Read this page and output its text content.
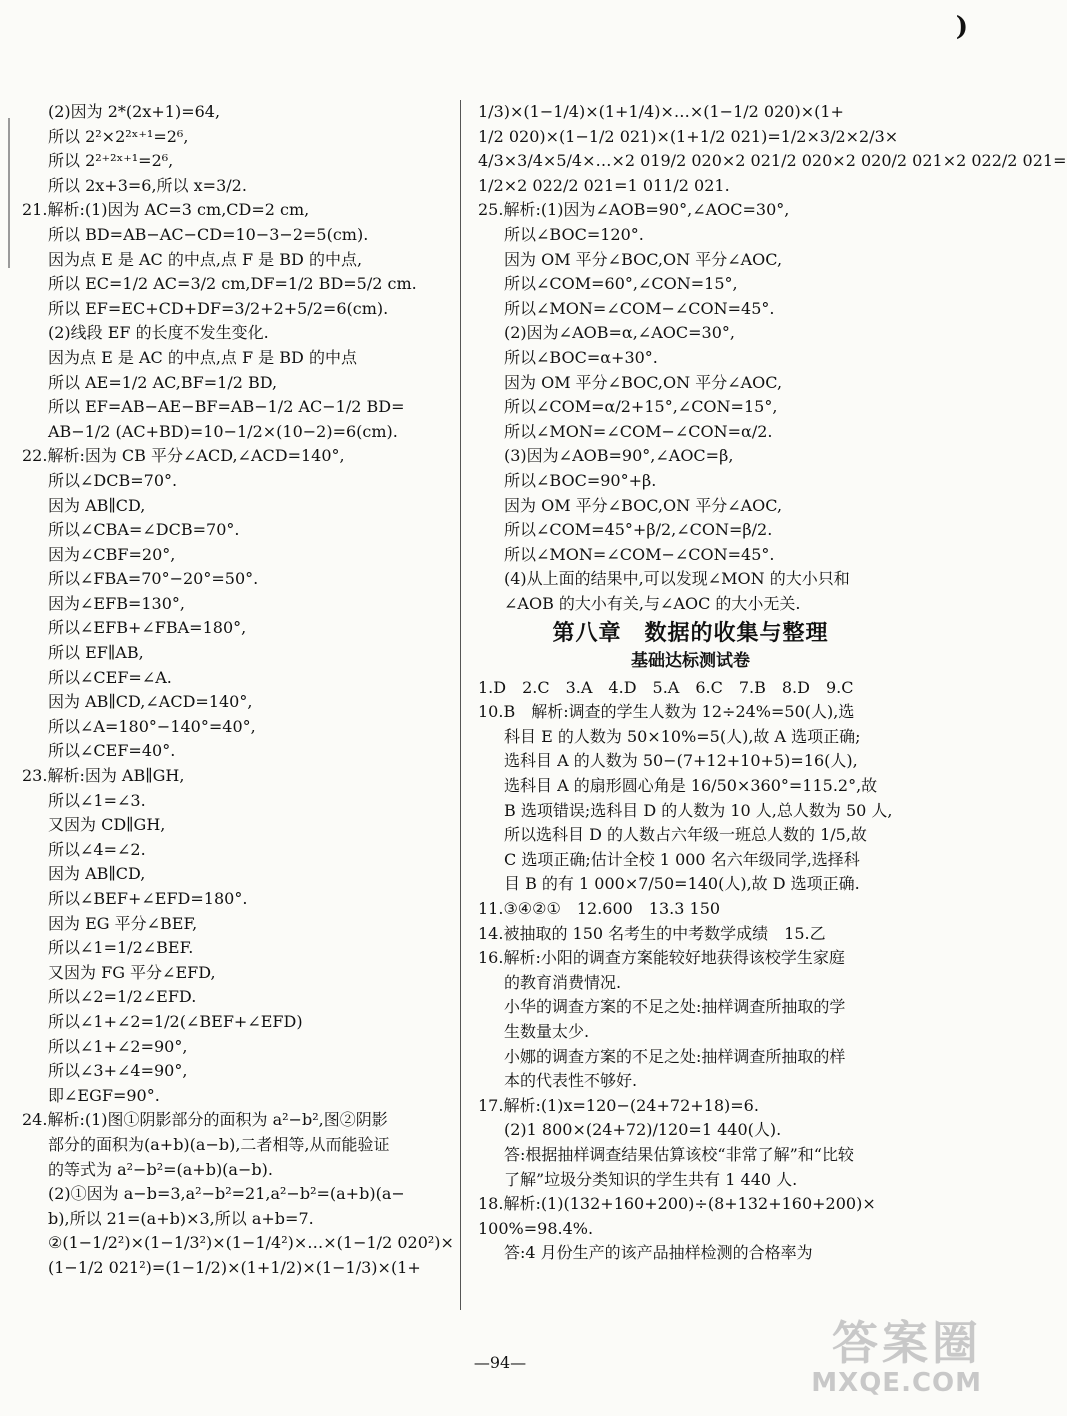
)
(2)因为 2*(2x+1)=64,
所以 2²×2²ˣ⁺¹=2⁶,
所以 2²⁺²ˣ⁺¹=2⁶,
所以 2x+3=6,所以 x=3/2.
21.解析:(1)因为 AC=3 cm,CD=2 cm,
所以 BD=AB−AC−CD=10−3−2=5(cm).
因为点 E 是 AC 的中点,点 F 是 BD 的中点,
所以 EC=1/2 AC=3/2 cm,DF=1/2 BD=5/2 cm.
所以 EF=EC+CD+DF=3/2+2+5/2=6(cm).
(2)线段 EF 的长度不发生变化.
因为点 E 是 AC 的中点,点 F 是 BD 的中点
所以 AE=1/2 AC,BF=1/2 BD,
所以 EF=AB−AE−BF=AB−1/2 AC−1/2 BD=
AB−1/2 (AC+BD)=10−1/2×(10−2)=6(cm).
22.解析:因为 CB 平分∠ACD,∠ACD=140°,
所以∠DCB=70°.
因为 AB∥CD,
所以∠CBA=∠DCB=70°.
因为∠CBF=20°,
所以∠FBA=70°−20°=50°.
因为∠EFB=130°,
所以∠EFB+∠FBA=180°,
所以 EF∥AB,
所以∠CEF=∠A.
因为 AB∥CD,∠ACD=140°,
所以∠A=180°−140°=40°,
所以∠CEF=40°.
23.解析:因为 AB∥GH,
所以∠1=∠3.
又因为 CD∥GH,
所以∠4=∠2.
因为 AB∥CD,
所以∠BEF+∠EFD=180°.
因为 EG 平分∠BEF,
所以∠1=1/2∠BEF.
又因为 FG 平分∠EFD,
所以∠2=1/2∠EFD.
所以∠1+∠2=1/2(∠BEF+∠EFD)
所以∠1+∠2=90°,
所以∠3+∠4=90°,
即∠EGF=90°.
24.解析:(1)图①阴影部分的面积为 a²−b²,图②阴影
部分的面积为(a+b)(a−b),二者相等,从而能验证
的等式为 a²−b²=(a+b)(a−b).
(2)①因为 a−b=3,a²−b²=21,a²−b²=(a+b)(a−
b),所以 21=(a+b)×3,所以 a+b=7.
②(1−1/2²)×(1−1/3²)×(1−1/4²)×…×(1−1/2 020²)×
(1−1/2 021²)=(1−1/2)×(1+1/2)×(1−1/3)×(1+
1/3)×(1−1/4)×(1+1/4)×…×(1−1/2 020)×(1+
1/2 020)×(1−1/2 021)×(1+1/2 021)=1/2×3/2×2/3×
4/3×3/4×5/4×…×2 019/2 020×2 021/2 020×2 020/2 021×2 022/2 021=
1/2×2 022/2 021=1 011/2 021.
25.解析:(1)因为∠AOB=90°,∠AOC=30°,
所以∠BOC=120°.
因为 OM 平分∠BOC,ON 平分∠AOC,
所以∠COM=60°,∠CON=15°,
所以∠MON=∠COM−∠CON=45°.
(2)因为∠AOB=α,∠AOC=30°,
所以∠BOC=α+30°.
因为 OM 平分∠BOC,ON 平分∠AOC,
所以∠COM=α/2+15°,∠CON=15°,
所以∠MON=∠COM−∠CON=α/2.
(3)因为∠AOB=90°,∠AOC=β,
所以∠BOC=90°+β.
因为 OM 平分∠BOC,ON 平分∠AOC,
所以∠COM=45°+β/2,∠CON=β/2.
所以∠MON=∠COM−∠CON=45°.
(4)从上面的结果中,可以发现∠MON 的大小只和
∠AOB 的大小有关,与∠AOC 的大小无关.
第八章　数据的收集与整理
基础达标测试卷
1.D　2.C　3.A　4.D　5.A　6.C　7.B　8.D　9.C
10.B　解析:调查的学生人数为 12÷24%=50(人),选
科目 E 的人数为 50×10%=5(人),故 A 选项正确;
选科目 A 的人数为 50−(7+12+10+5)=16(人),
选科目 A 的扇形圆心角是 16/50×360°=115.2°,故
B 选项错误;选科目 D 的人数为 10 人,总人数为 50 人,
所以选科目 D 的人数占六年级一班总人数的 1/5,故
C 选项正确;估计全校 1 000 名六年级同学,选择科
目 B 的有 1 000×7/50=140(人),故 D 选项正确.
11.③④②①　12.600　13.3 150
14.被抽取的 150 名考生的中考数学成绩　15.乙
16.解析:小阳的调查方案能较好地获得该校学生家庭
的教育消费情况.
小华的调查方案的不足之处:抽样调查所抽取的学
生数量太少.
小娜的调查方案的不足之处:抽样调查所抽取的样
本的代表性不够好.
17.解析:(1)x=120−(24+72+18)=6.
(2)1 800×(24+72)/120=1 440(人).
答:根据抽样调查结果估算该校“非常了解”和“比较
了解”垃圾分类知识的学生共有 1 440 人.
18.解析:(1)(132+160+200)÷(8+132+160+200)×
100%=98.4%.
答:4 月份生产的该产品抽样检测的合格率为
—94—	答案圈
MXQE.COM
